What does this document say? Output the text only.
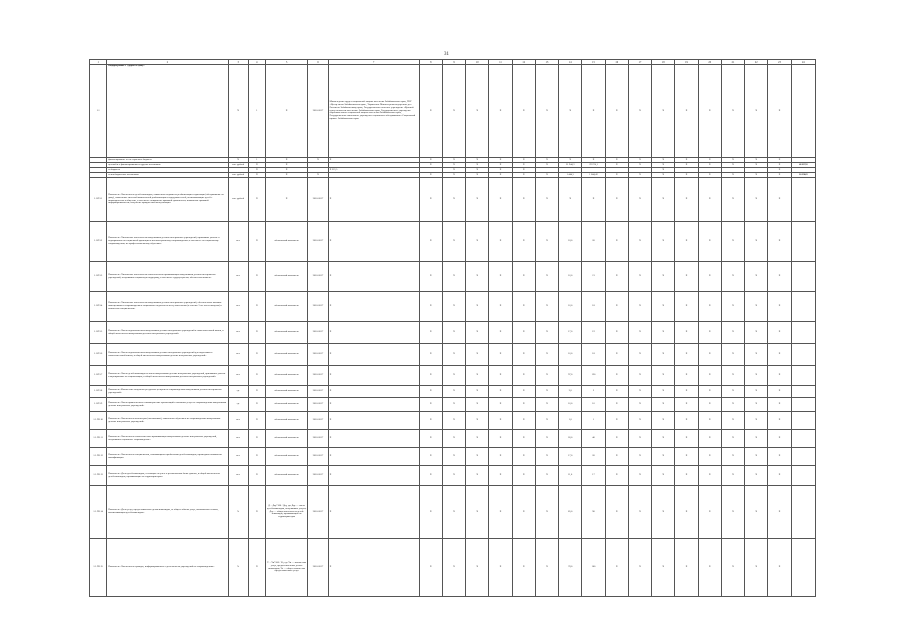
31
1	2	3	4	5	6	7	8	9	10	11	12	13	14	15	16	17	18	19	20	21	22	23	24
1.1	Подпрограмма 1 «Дорога к дому»	X	1	X	2016-2017	Министерство труда и социальной защиты населения Забайкальского края, ГКУ «Центр опеки Забайкальского края», Управление Министерства внутренних дел России по Забайкальскому краю, Государственное казенное учреждение «Краевой центр занятости населения» Забайкальского края, Государственное учреждение образовательного социальной защиты населения Забайкальского края, Государственное автономное учреждение социального обслуживания «Социальный приют» Забайкальского края	X	X	X	X	X	X	X	X	X	X	X	X	X	X	X	X	
	финансирование за счет краевого бюджета	X	1	X	X	X	X	X	X	X	X	X	X	X	X	X	X	X	X	X	X	X	
	целевой в.т. финансирования из других источников	тыс. рублей	X	X			X	X	X	X	X	X	31 944,3	29 274,1	X	X	X	X	X	X	X	X	46 837,8
	из бюджета		X	X		X 323,5		X	X	X	X						X					X	
	из внебюджетных источников	тыс. рублей	X	X	X		X	X	X	X	X	X	1 444,5	1 844,42	X	X	X	X	X	X	X	X	10 190,9
1.1.ПЗ.1	Показатель «Численность детей-инвалидов, охваченных мерами по реабилитации и адаптации (обслуживание на дому), охваченных системой комплексной реабилитации и поддержки семей, воспитывающих детей с инвалидностью в обществе, в том числе: повышение правовой грамотности; повышение правовой информированности; получение юридической консультации»	тыс. рублей	X	X	2016-2017	X	X	X	X	X	X	X	X	X	X	X	X	X	X	X	X	X	
1.1.ПЗ.2	Показатель «Увеличение численности выпускников детских интернатных учреждений, принявших участие в мероприятиях по социальной адаптации и постинтернатному сопровождению; в том числе: по социальному сопровождению; по профессиональному обучению»	чел.	X	абсолютный показатель	2016-2017	X	X	X	X	X	X	X	18,0	20	X	X	X	X	X	X	X	X	
1.1.ПЗ.3	Показатель «Увеличение численности самостоятельно проживающих выпускников детских интернатных учреждений, получивших социальную поддержку, в том числе: трудоустроены; обеспечены жильем»	чел.	X	абсолютный показатель	2016-2017	X	X	X	X	X	X	X	16,0	21	X	X	X	X	X	X	X	X	
1.1.ПЗ.4	Показатель «Увеличение численности выпускников детских интернатных учреждений, обеспеченных жилыми помещениями и сопровождением социального педагога по месту жительства (в течение 3 лет после выпуска) и количество специалистов»	чел.	X	абсолютный показатель	2016-2017	X	X	X	X	X	X	X	16,0	18	X	X	X	X	X	X	X	X	
1.1.ПЗ.5	Показатель «Число подготовленных выпускников детских интернатных учреждений к самостоятельной жизни, в общей численности выпускников детских интернатных учреждений»	чел.	X	абсолютный показатель	2016-2017	X	X	X	X	X	X	X	17,0	19	X	X	X	X	X	X	X	X	
1.1.ПЗ.6	Показатель «Число подготовленных выпускников детских интернатных учреждений для подготовки к самостоятельной жизни, в общей численности выпускников детских интернатных учреждений»	чел.	X	абсолютный показатель	2016-2017	X	X	X	X	X	X	X	16,0	18	X	X	X	X	X	X	X	X	
1.1.ПЗ.7	Показатель «Число детей-инвалидов из числа выпускников детских интернатных учреждений, принявших участие в мероприятиях по социализации, в общей численности выпускников детских интернатных учреждений»	чел.	X	абсолютный показатель	2016-2017	X	X	X	X	X	X	X	97,0	120	X	X	X	X	X	X	X	X	
1.1.ПЗ.8	Показатель «Количество созданных ресурсных центров по сопровождению выпускников детских интернатных учреждений»	ед.	X	абсолютный показатель	2016-2017	X	X	X	X	X	X	X	2,0	2	X	X	X	X	X	X	X	X	
1.1.ПЗ.9	Показатель «Число привлеченных некоммерческих организаций к оказанию услуг по сопровождению выпускников детских интернатных учреждений»	ед.	X	абсолютный показатель	2016-2017	X	X	X	X	X	X	X	16,0	16	X	X	X	X	X	X	X	X	
1.1.ПЗ.10	Показатель «Численность волонтеров (наставников), охваченных обучением по сопровождению выпускников детских интернатных учреждений»	чел.	X	абсолютный показатель	2016-2017	X	X	X	X	X	X	X	1,0	1	X	X	X	X	X	X	X	X	
1.1.ПЗ.11	Показатель «Численность самостоятельно проживающих выпускников детских интернатных учреждений, получивших социальное сопровождение»	чел.	X	абсолютный показатель	2016-2017	X	X	X	X	X	X	X	20,0	40	X	X	X	X	X	X	X	X	
1.1.ПЗ.12	Показатель «Численность специалистов, занимающихся проблемами детей-инвалидов, прошедших повышение квалификации»	чел.	X	абсолютный показатель	2016-2017	X	X	X	X	X	X	X	17,0	20	X	X	X	X	X	X	X	X	
1.1.ПЗ.13	Показатель «Доля детей-инвалидов, состоящих на учете в региональном банке данных, в общей численности детей-инвалидов, проживающих на территории края»	чел.	X	абсолютный показатель	2016-2017	X	X	X	X	X	X	X	11,0	17	X	X	X	X	X	X	X	X	
1.1.ПЗ.14	Показатель «Доля услуг, предоставляемых детям-инвалидам, от общего объема услуг, оказываемых семьям, воспитывающим детей-инвалидов»	%	X	Д = Дву*100 / Доу, где Дву — число детей-инвалидов, получивших услуги; Доу — общая численность детей-инвалидов, проживающих на территории края	2016-2017	X	X	X	X	X	X	X	85,0	90	X	X	X	X	X	X	X	X	
1.1.ПЗ.15	Показатель «Численность граждан, информированных о деятельности учреждений по сопровождению»	%	X	У = Уи*100 / Уо, где Уи — количество услуг, предоставленных детям-инвалидам; Уо — общее количество предоставленных услуг	2016-2017	X	X	X	X	X	X	X	78,0	100	X	X	X	X	X	X	X	X	
